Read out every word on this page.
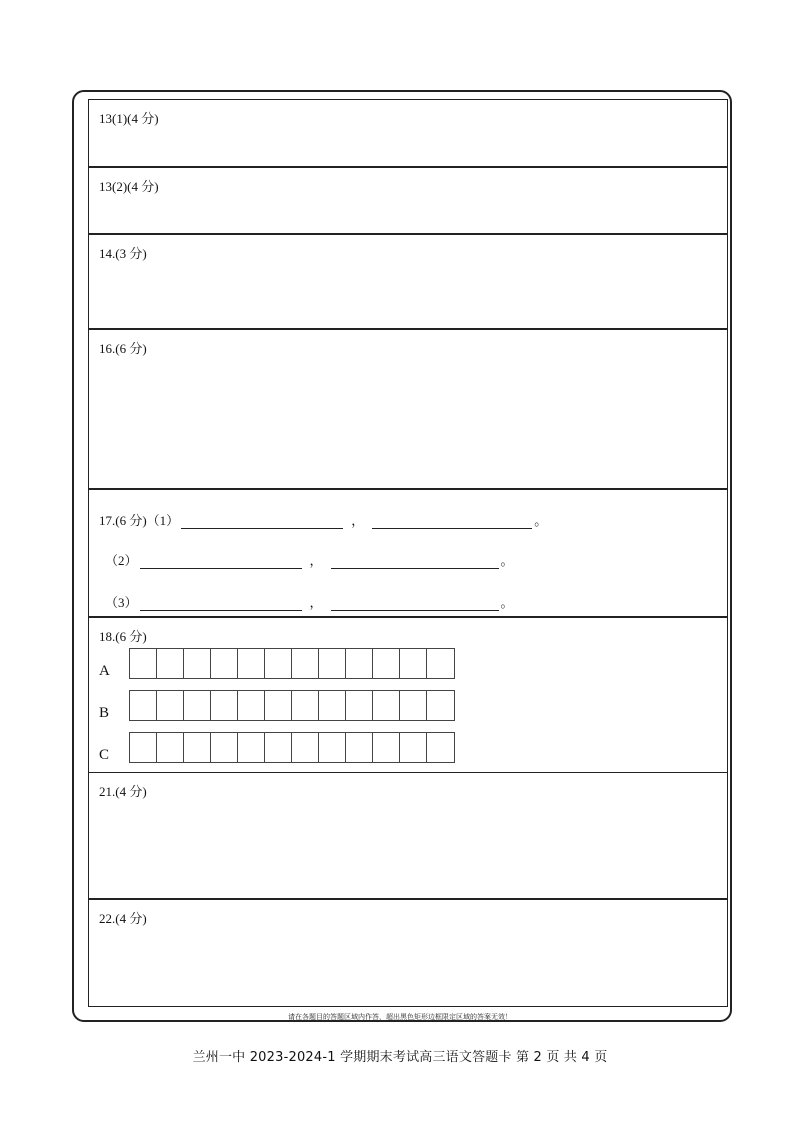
13(1)(4 分)
13(2)(4 分)
14.(3 分)
16.(6 分)
17.(6 分) （1）	，	。
（2）	，	。
（3）	，	。
18.(6 分)
A
B
C
21.(4 分)
22.(4 分)
请在各题目的答题区域内作答，超出黑色矩形边框限定区域的答案无效！
兰州一中 2023-2024-1 学期期末考试高三语文答题卡 第 2 页 共 4 页
